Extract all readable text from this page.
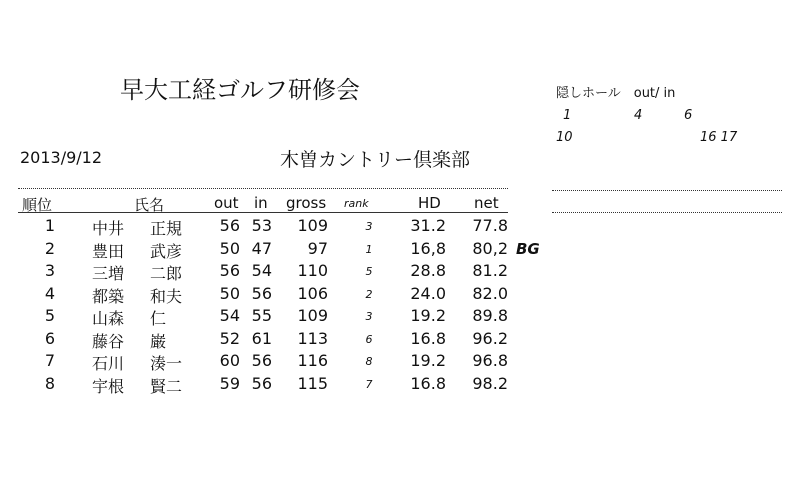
早大工経ゴルフ研修会
2013/9/12	木曽カントリー倶楽部
隠しホール　out/ in
1	4	6
10	16 17
順位	氏名	out in gross rank	HD net
1	中井	正規	56 53	109	3	31.2	77.8
2	豊田	武彦	50 47	97	1	16,8	80,2 BG
3	三増	二郎	56 54	110	5	28.8	81.2
4	都築	和夫	50 56	106	2	24.0	82.0
5	山森	仁	54 55	109	3	19.2	89.8
6	藤谷	巌	52 61	113	6	16.8	96.2
7	石川	湊一	60 56	116	8	19.2	96.8
8	宇根	賢二	59 56	115	7	16.8	98.2
